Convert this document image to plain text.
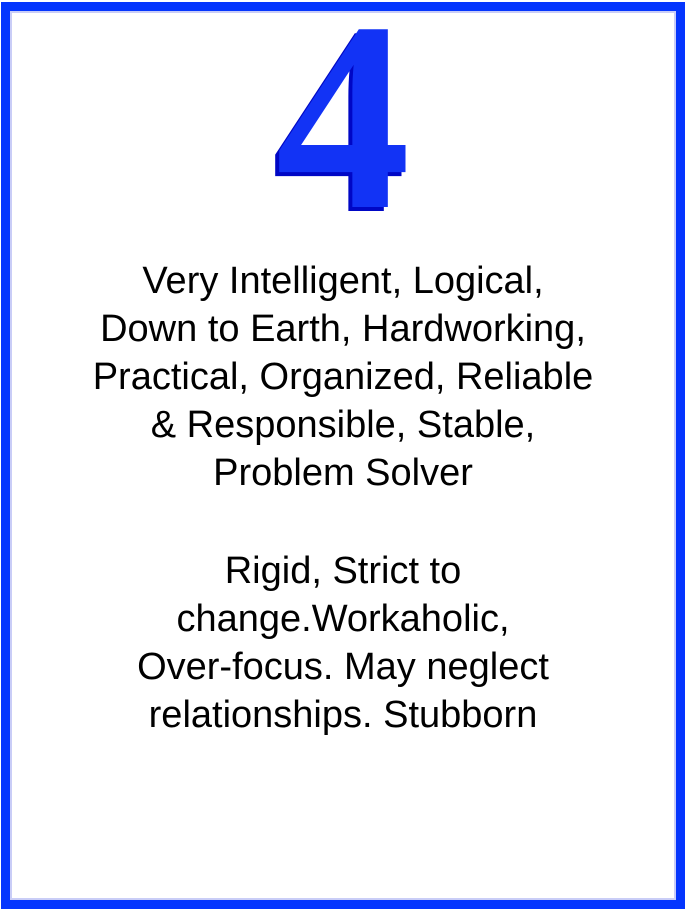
4
Very Intelligent, Logical,
Down to Earth, Hardworking,
Practical, Organized, Reliable
& Responsible, Stable,
Problem Solver
Rigid, Strict to
change.Workaholic,
Over-focus. May neglect
relationships. Stubborn
